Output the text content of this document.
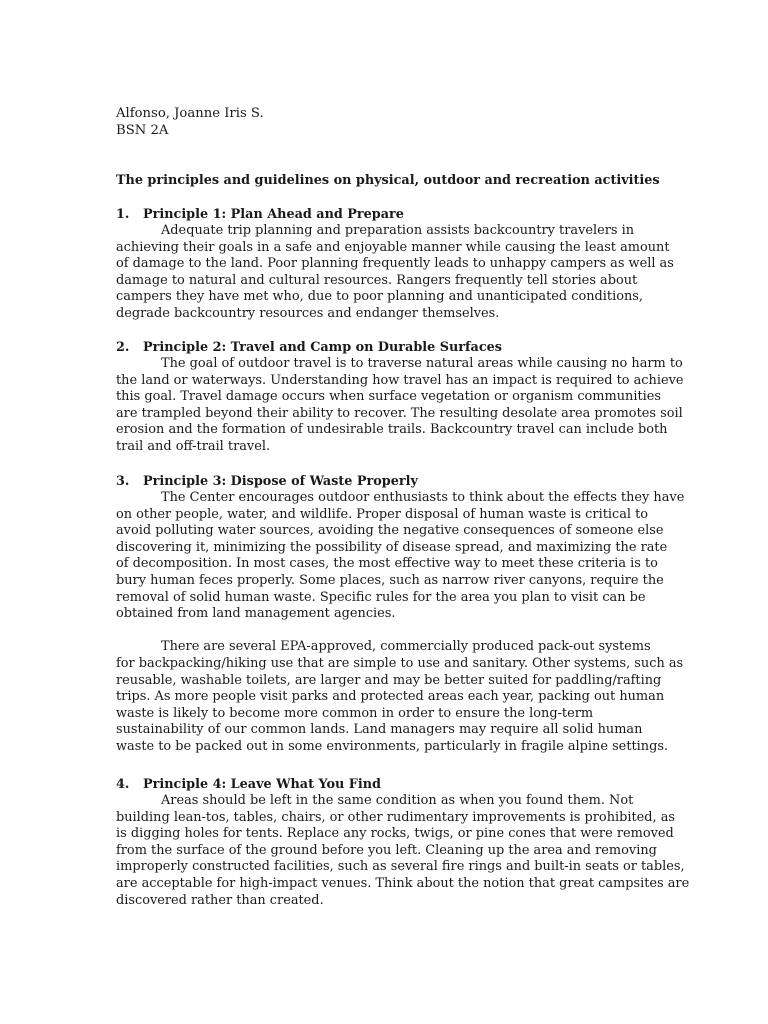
Alfonso, Joanne Iris S.
BSN 2A
The principles and guidelines on physical, outdoor and recreation activities
1. Principle 1: Plan Ahead and Prepare

Adequate trip planning and preparation assists backcountry travelers in
achieving their goals in a safe and enjoyable manner while causing the least amount
of damage to the land. Poor planning frequently leads to unhappy campers as well as
damage to natural and cultural resources. Rangers frequently tell stories about
campers they have met who, due to poor planning and unanticipated conditions,
degrade backcountry resources and endanger themselves.

2. Principle 2: Travel and Camp on Durable Surfaces

The goal of outdoor travel is to traverse natural areas while causing no harm to
the land or waterways. Understanding how travel has an impact is required to achieve
this goal. Travel damage occurs when surface vegetation or organism communities
are trampled beyond their ability to recover. The resulting desolate area promotes soil
erosion and the formation of undesirable trails. Backcountry travel can include both
trail and off-trail travel.

3. Principle 3: Dispose of Waste Properly

The Center encourages outdoor enthusiasts to think about the effects they have
on other people, water, and wildlife. Proper disposal of human waste is critical to
avoid polluting water sources, avoiding the negative consequences of someone else
discovering it, minimizing the possibility of disease spread, and maximizing the rate
of decomposition. In most cases, the most effective way to meet these criteria is to
bury human feces properly. Some places, such as narrow river canyons, require the
removal of solid human waste. Specific rules for the area you plan to visit can be
obtained from land management agencies.

There are several EPA-approved, commercially produced pack-out systems
for backpacking/hiking use that are simple to use and sanitary. Other systems, such as
reusable, washable toilets, are larger and may be better suited for paddling/rafting
trips. As more people visit parks and protected areas each year, packing out human
waste is likely to become more common in order to ensure the long-term
sustainability of our common lands. Land managers may require all solid human
waste to be packed out in some environments, particularly in fragile alpine settings.

4. Principle 4: Leave What You Find

Areas should be left in the same condition as when you found them. Not
building lean-tos, tables, chairs, or other rudimentary improvements is prohibited, as
is digging holes for tents. Replace any rocks, twigs, or pine cones that were removed
from the surface of the ground before you left. Cleaning up the area and removing
improperly constructed facilities, such as several fire rings and built-in seats or tables,
are acceptable for high-impact venues. Think about the notion that great campsites are
discovered rather than created.
